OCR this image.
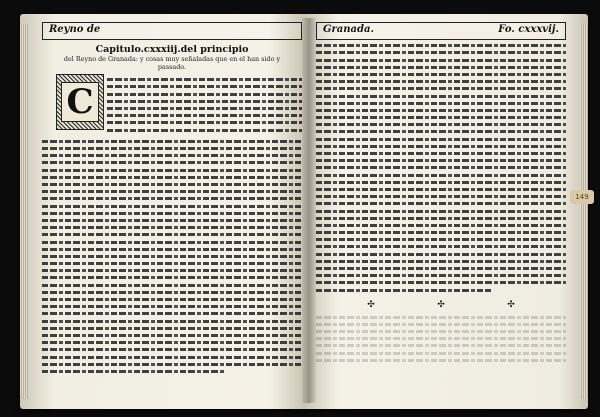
Reyno de
Capitulo.cxxxiij.del principio
del Reyno de Granada: y cosas muy señaladas que en el han sido y passado.
C
Granada.	Fo. cxxxvij.
✣	✣	✣
149
